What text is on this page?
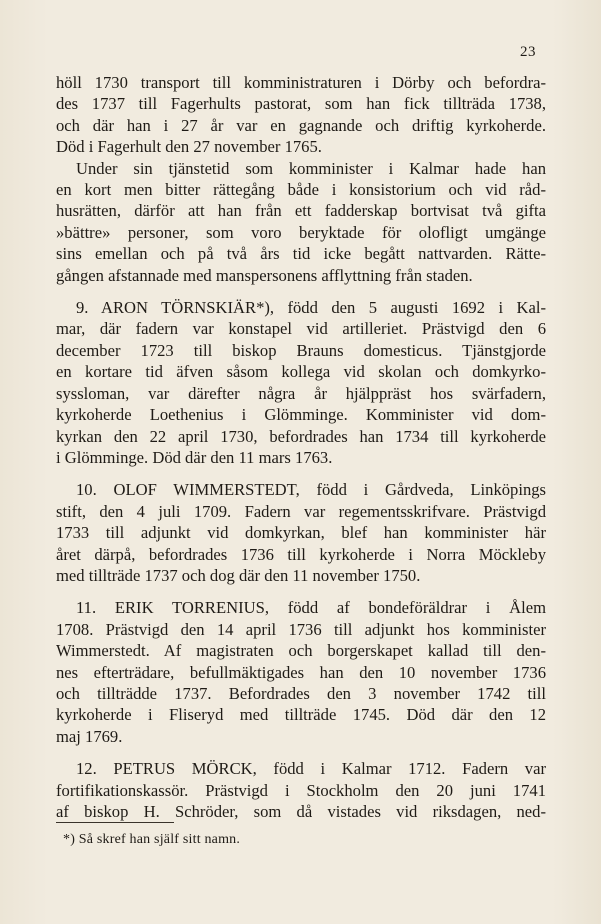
23
höll 1730 transport till komministraturen i Dörby och befordra-
des 1737 till Fagerhults pastorat, som han fick tillträda 1738,
och där han i 27 år var en gagnande och driftig kyrkoherde.
Död i Fagerhult den 27 november 1765.
Under sin tjänstetid som komminister i Kalmar hade han
en kort men bitter rättegång både i konsistorium och vid råd-
husrätten, därför att han från ett fadderskap bortvisat två gifta
»bättre» personer, som voro beryktade för olofligt umgänge
sins emellan och på två års tid icke begått nattvarden. Rätte-
gången afstannade med manspersonens afflyttning från staden.
9. ARON TÖRNSKIÄR*), född den 5 augusti 1692 i Kal-
mar, där fadern var konstapel vid artilleriet. Prästvigd den 6
december 1723 till biskop Brauns domesticus. Tjänstgjorde
en kortare tid äfven såsom kollega vid skolan och domkyrko-
syssloman, var därefter några år hjälppräst hos svärfadern,
kyrkoherde Loethenius i Glömminge. Komminister vid dom-
kyrkan den 22 april 1730, befordrades han 1734 till kyrkoherde
i Glömminge. Död där den 11 mars 1763.
10. OLOF WIMMERSTEDT, född i Gårdveda, Linköpings
stift, den 4 juli 1709. Fadern var regementsskrifvare. Prästvigd
1733 till adjunkt vid domkyrkan, blef han komminister här
året därpå, befordrades 1736 till kyrkoherde i Norra Möckleby
med tillträde 1737 och dog där den 11 november 1750.
11. ERIK TORRENIUS, född af bondeföräldrar i Ålem
1708. Prästvigd den 14 april 1736 till adjunkt hos komminister
Wimmerstedt. Af magistraten och borgerskapet kallad till den-
nes efterträdare, befullmäktigades han den 10 november 1736
och tillträdde 1737. Befordrades den 3 november 1742 till
kyrkoherde i Fliseryd med tillträde 1745. Död där den 12
maj 1769.
12. PETRUS MÖRCK, född i Kalmar 1712. Fadern var
fortifikationskassör. Prästvigd i Stockholm den 20 juni 1741
af biskop H. Schröder, som då vistades vid riksdagen, ned-
*) Så skref han själf sitt namn.
